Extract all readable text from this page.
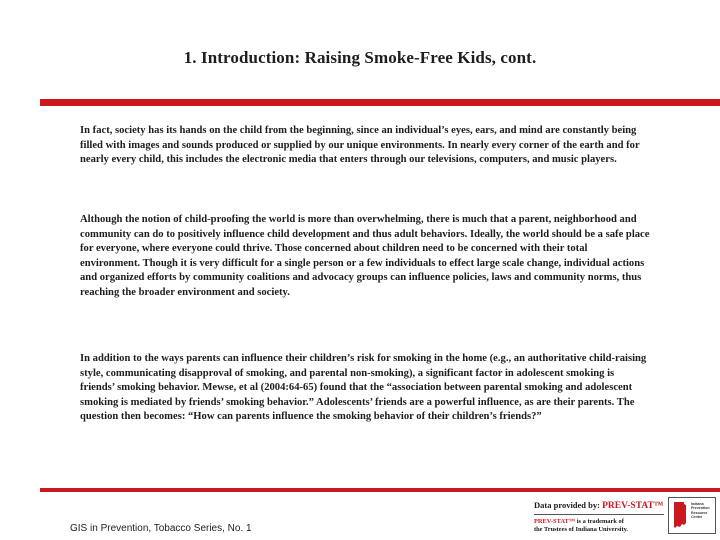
1. Introduction: Raising Smoke-Free Kids, cont.

In fact, society has its hands on the child from the beginning, since an individual’s eyes, ears, and mind are constantly being filled with images and sounds produced or supplied by our unique environments. In nearly every corner of the earth and for nearly every child, this includes the electronic media that enters through our televisions, computers, and music players.

Although the notion of child-proofing the world is more than overwhelming, there is much that a parent, neighborhood and community can do to positively influence child development and thus adult behaviors. Ideally, the world should be a safe place for everyone, where everyone could thrive. Those concerned about children need to be concerned with their total environment. Though it is very difficult for a single person or a few individuals to effect large scale change, individual actions and organized efforts by community coalitions and advocacy groups can influence policies, laws and community norms, thus reaching the broader environment and society.

In addition to the ways parents can influence their children’s risk for smoking in the home (e.g., an authoritative child-raising style, communicating disapproval of smoking, and parental non-smoking), a significant factor in adolescent smoking is friends’ smoking behavior. Mewse, et al (2004:64-65) found that the “association between parental smoking and adolescent smoking is mediated by friends’ smoking behavior.” Adolescents’ friends are a powerful influence, as are their parents. The question then becomes: “How can parents influence the smoking behavior of their children’s friends?”

GIS in Prevention, Tobacco Series, No. 1
Data provided by: PREV-STAT™
PREV-STAT™ is a trademark of
the Trustees of Indiana University.
Indiana
Prevention
Resource
Center
